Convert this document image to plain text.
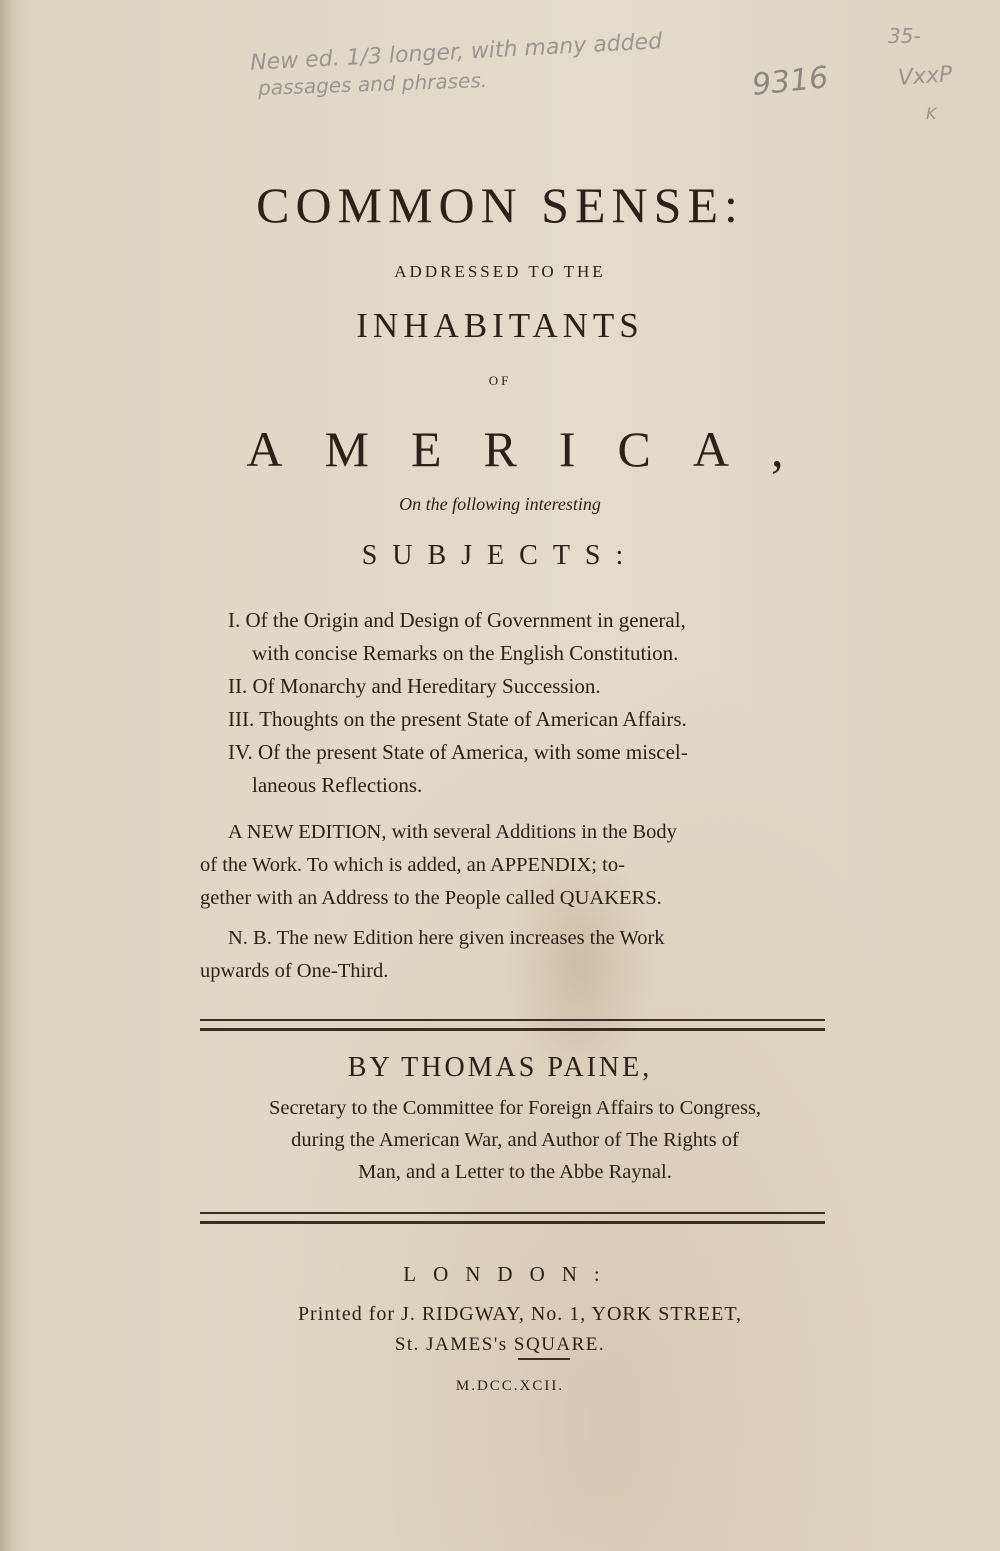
New ed. 1/3 longer, with many added
passages and phrases.	9316
35-
VxxP
K
COMMON SENSE:
ADDRESSED TO THE
INHABITANTS
OF
AMERICA,
On the following interesting
SUBJECTS:
I. Of the Origin and Design of Government in general,
with concise Remarks on the English Constitution.
II. Of Monarchy and Hereditary Succession.
III. Thoughts on the present State of American Affairs.
IV. Of the present State of America, with some miscel-
laneous Reflections.
A NEW EDITION, with several Additions in the Body
of the Work. To which is added, an APPENDIX; to-
gether with an Address to the People called QUAKERS.
N. B. The new Edition here given increases the Work
upwards of One-Third.
BY THOMAS PAINE,
Secretary to the Committee for Foreign Affairs to Congress,
during the American War, and Author of The Rights of
Man, and a Letter to the Abbe Raynal.
LONDON:
Printed for J. RIDGWAY, No. 1, YORK STREET,
St. JAMES's SQUARE.
M.DCC.XCII.
